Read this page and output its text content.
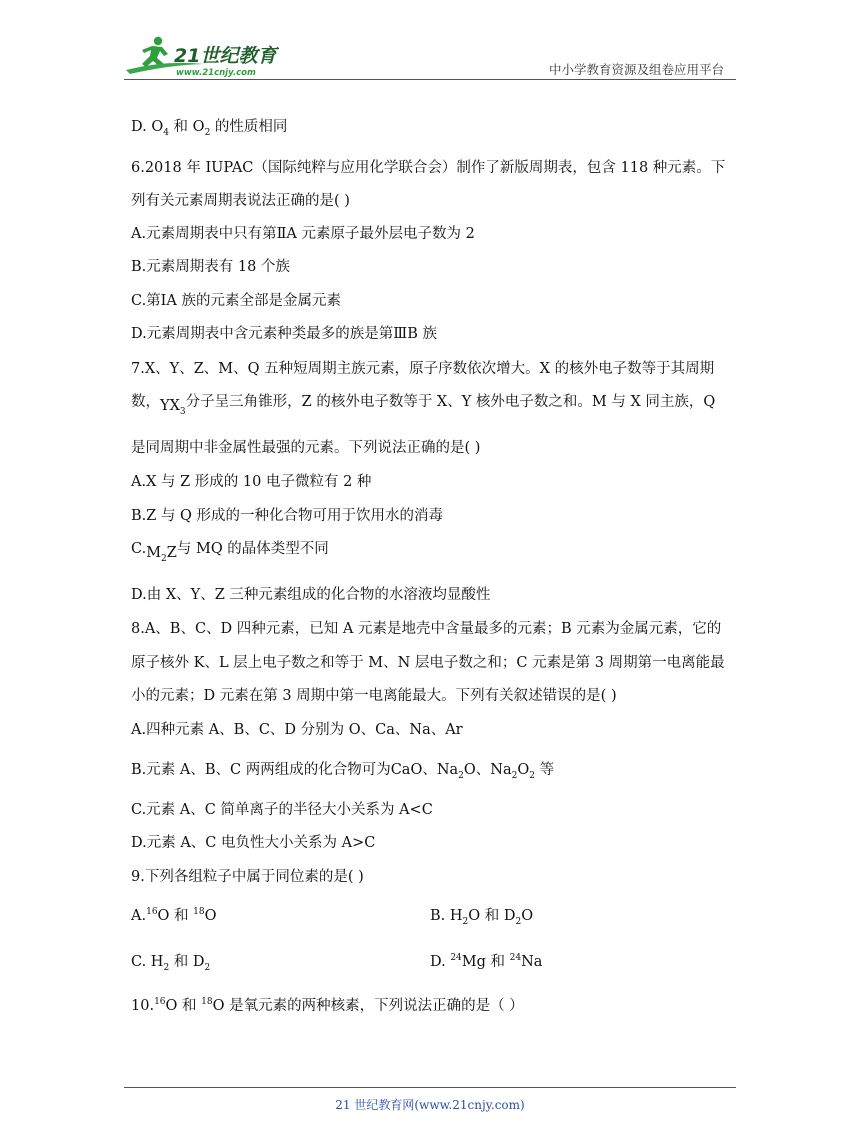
21世纪教育
www.21cnjy.com	中小学教育资源及组卷应用平台
D. $O_4$ 和 $O_2$ 的性质相同
6.2018 年 IUPAC（国际纯粹与应用化学联合会）制作了新版周期表，包含 118 种元素。下
列有关元素周期表说法正确的是( )
A.元素周期表中只有第ⅡA 元素原子最外层电子数为 2
B.元素周期表有 18 个族
C.第ⅠA 族的元素全部是金属元素
D.元素周期表中含元素种类最多的族是第ⅢB 族
7.X、Y、Z、M、Q 五种短周期主族元素，原子序数依次增大。X 的核外电子数等于其周期
数，$YX_3$分子呈三角锥形，Z 的核外电子数等于 X、Y 核外电子数之和。M 与 X 同主族，Q
是同周期中非金属性最强的元素。下列说法正确的是( )
A.X 与 Z 形成的 10 电子微粒有 2 种
B.Z 与 Q 形成的一种化合物可用于饮用水的消毒
$C.M_2Z$与 MQ 的晶体类型不同
D.由 X、Y、Z 三种元素组成的化合物的水溶液均显酸性
8.A、B、C、D 四种元素，已知 A 元素是地壳中含量最多的元素；B 元素为金属元素，它的
原子核外 K、L 层上电子数之和等于 M、N 层电子数之和；C 元素是第 3 周期第一电离能最
小的元素；D 元素在第 3 周期中第一电离能最大。下列有关叙述错误的是( )
A.四种元素 A、B、C、D 分别为 O、Ca、Na、Ar
B.元素 A、B、C 两两组成的化合物可为CaO、$Na_2O$、$Na_2O_2$ 等
C.元素 A、C 简单离子的半径大小关系为 A<C
D.元素 A、C 电负性大小关系为 A>C
9.下列各组粒子中属于同位素的是( )
A.$^{16}$O 和 $^{18}$O	B. $H_2O$ 和 $D_2O$
C. $H_2$ 和 $D_2$	D. $^{24}$Mg 和 $^{24}$Na
10.16O 和 $^{18}$O 是氧元素的两种核素，下列说法正确的是（ ）
21 世纪教育网(www.21cnjy.com)
